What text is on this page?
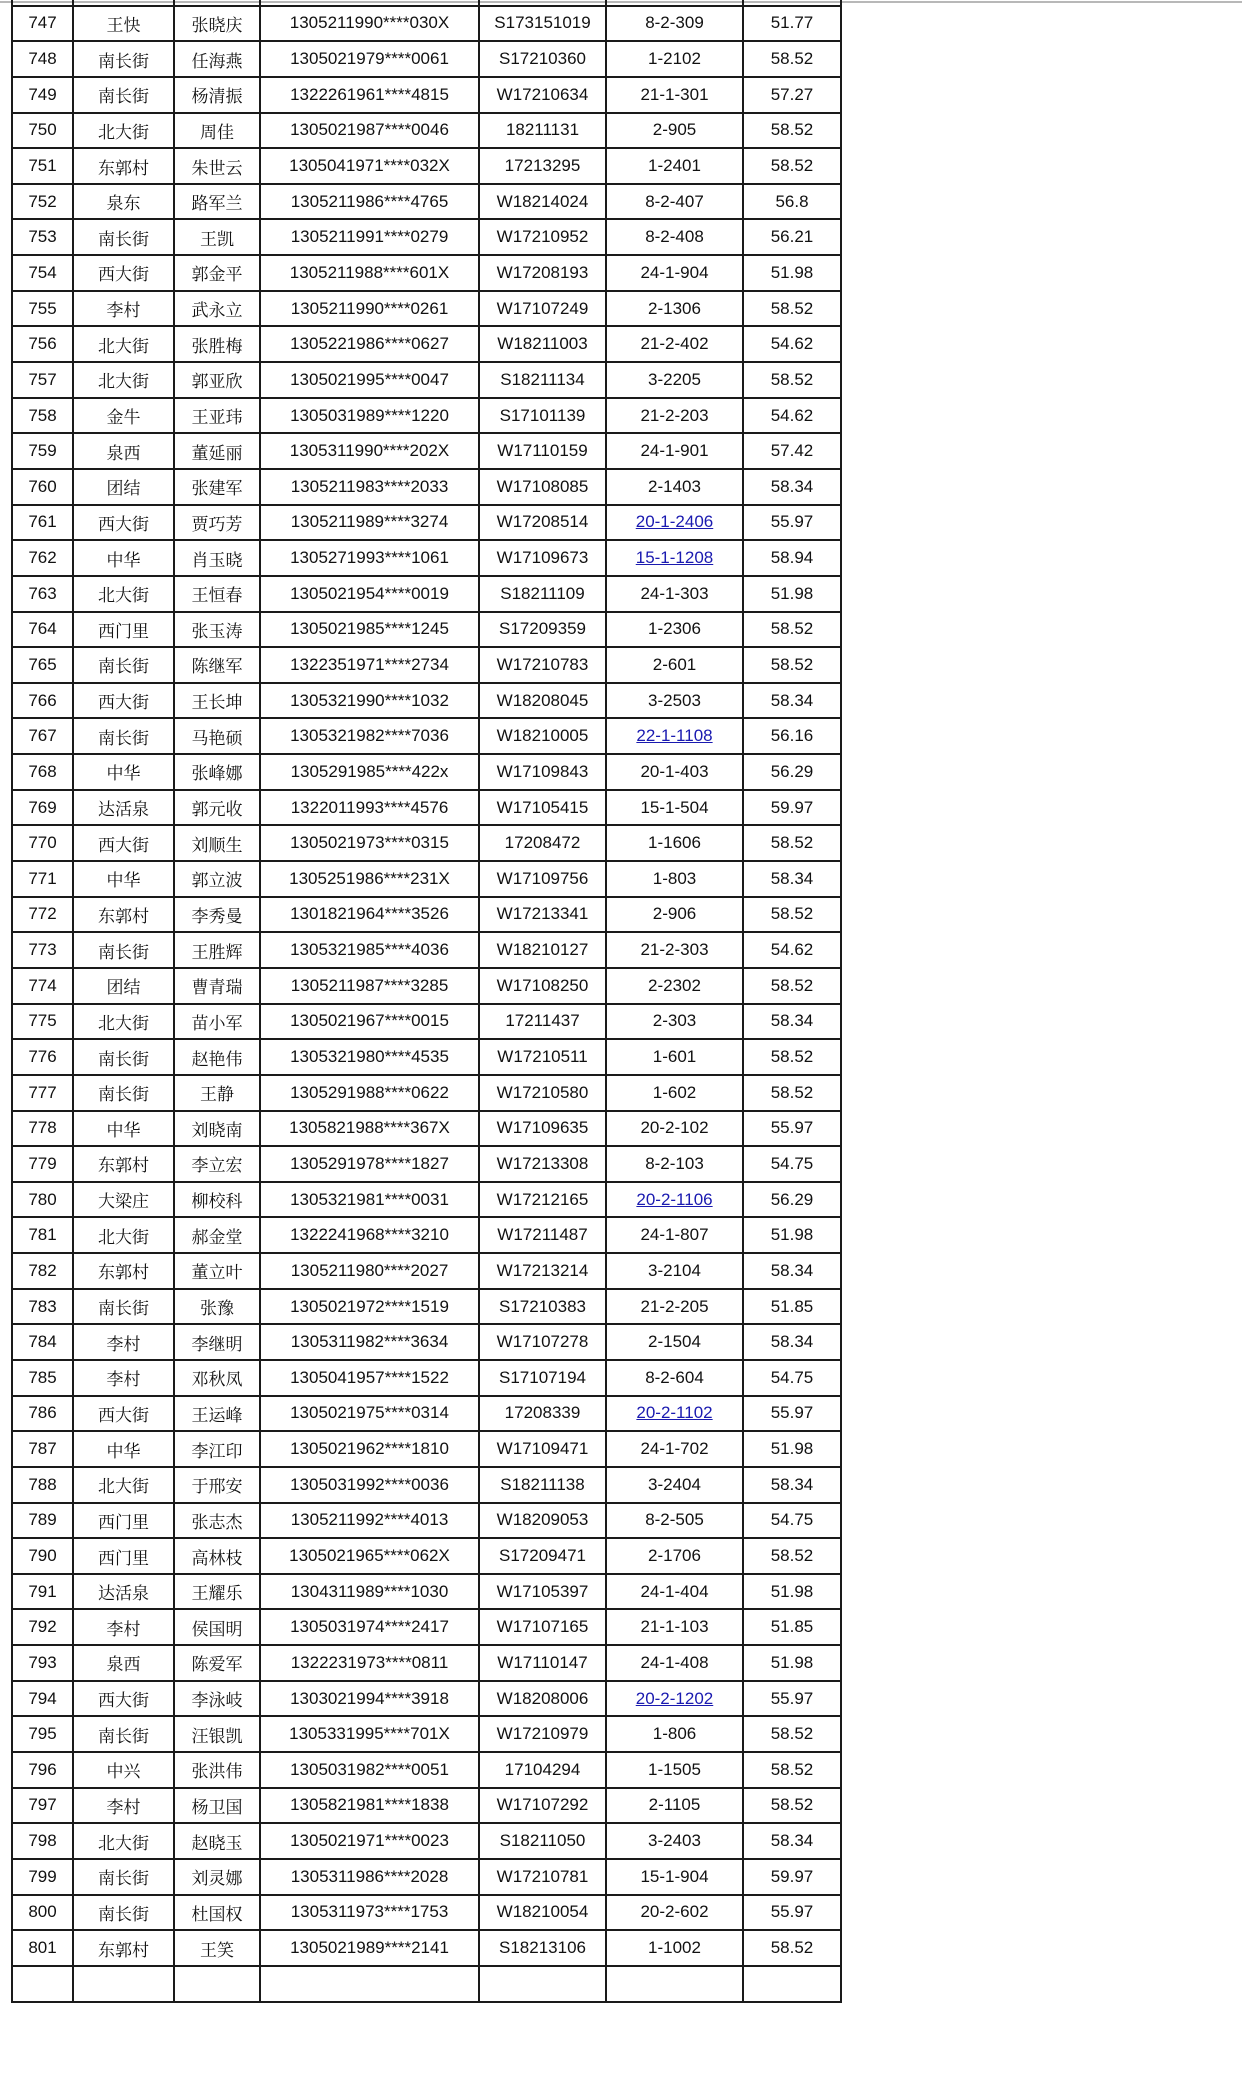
747	王快	张晓庆	1305211990****030X	S173151019	8-2-309	51.77
748	南长街	任海燕	1305021979****0061	S17210360	1-2102	58.52
749	南长街	杨清振	1322261961****4815	W17210634	21-1-301	57.27
750	北大街	周佳	1305021987****0046	18211131	2-905	58.52
751	东郭村	朱世云	1305041971****032X	17213295	1-2401	58.52
752	泉东	路军兰	1305211986****4765	W18214024	8-2-407	56.8
753	南长街	王凯	1305211991****0279	W17210952	8-2-408	56.21
754	西大街	郭金平	1305211988****601X	W17208193	24-1-904	51.98
755	李村	武永立	1305211990****0261	W17107249	2-1306	58.52
756	北大街	张胜梅	1305221986****0627	W18211003	21-2-402	54.62
757	北大街	郭亚欣	1305021995****0047	S18211134	3-2205	58.52
758	金牛	王亚玮	1305031989****1220	S17101139	21-2-203	54.62
759	泉西	董延丽	1305311990****202X	W17110159	24-1-901	57.42
760	团结	张建军	1305211983****2033	W17108085	2-1403	58.34
761	西大街	贾巧芳	1305211989****3274	W17208514	20-1-2406	55.97
762	中华	肖玉晓	1305271993****1061	W17109673	15-1-1208	58.94
763	北大街	王恒春	1305021954****0019	S18211109	24-1-303	51.98
764	西门里	张玉涛	1305021985****1245	S17209359	1-2306	58.52
765	南长街	陈继军	1322351971****2734	W17210783	2-601	58.52
766	西大街	王长坤	1305321990****1032	W18208045	3-2503	58.34
767	南长街	马艳硕	1305321982****7036	W18210005	22-1-1108	56.16
768	中华	张峰娜	1305291985****422x	W17109843	20-1-403	56.29
769	达活泉	郭元收	1322011993****4576	W17105415	15-1-504	59.97
770	西大街	刘顺生	1305021973****0315	17208472	1-1606	58.52
771	中华	郭立波	1305251986****231X	W17109756	1-803	58.34
772	东郭村	李秀曼	1301821964****3526	W17213341	2-906	58.52
773	南长街	王胜辉	1305321985****4036	W18210127	21-2-303	54.62
774	团结	曹青瑞	1305211987****3285	W17108250	2-2302	58.52
775	北大街	苗小军	1305021967****0015	17211437	2-303	58.34
776	南长街	赵艳伟	1305321980****4535	W17210511	1-601	58.52
777	南长街	王静	1305291988****0622	W17210580	1-602	58.52
778	中华	刘晓南	1305821988****367X	W17109635	20-2-102	55.97
779	东郭村	李立宏	1305291978****1827	W17213308	8-2-103	54.75
780	大梁庄	柳校科	1305321981****0031	W17212165	20-2-1106	56.29
781	北大街	郝金堂	1322241968****3210	W17211487	24-1-807	51.98
782	东郭村	董立叶	1305211980****2027	W17213214	3-2104	58.34
783	南长街	张豫	1305021972****1519	S17210383	21-2-205	51.85
784	李村	李继明	1305311982****3634	W17107278	2-1504	58.34
785	李村	邓秋凤	1305041957****1522	S17107194	8-2-604	54.75
786	西大街	王运峰	1305021975****0314	17208339	20-2-1102	55.97
787	中华	李江印	1305021962****1810	W17109471	24-1-702	51.98
788	北大街	于邢安	1305031992****0036	S18211138	3-2404	58.34
789	西门里	张志杰	1305211992****4013	W18209053	8-2-505	54.75
790	西门里	高林枝	1305021965****062X	S17209471	2-1706	58.52
791	达活泉	王耀乐	1304311989****1030	W17105397	24-1-404	51.98
792	李村	侯国明	1305031974****2417	W17107165	21-1-103	51.85
793	泉西	陈爱军	1322231973****0811	W17110147	24-1-408	51.98
794	西大街	李泳岐	1303021994****3918	W18208006	20-2-1202	55.97
795	南长街	汪银凯	1305331995****701X	W17210979	1-806	58.52
796	中兴	张洪伟	1305031982****0051	17104294	1-1505	58.52
797	李村	杨卫国	1305821981****1838	W17107292	2-1105	58.52
798	北大街	赵晓玉	1305021971****0023	S18211050	3-2403	58.34
799	南长街	刘灵娜	1305311986****2028	W17210781	15-1-904	59.97
800	南长街	杜国权	1305311973****1753	W18210054	20-2-602	55.97
801	东郭村	王笑	1305021989****2141	S18213106	1-1002	58.52
